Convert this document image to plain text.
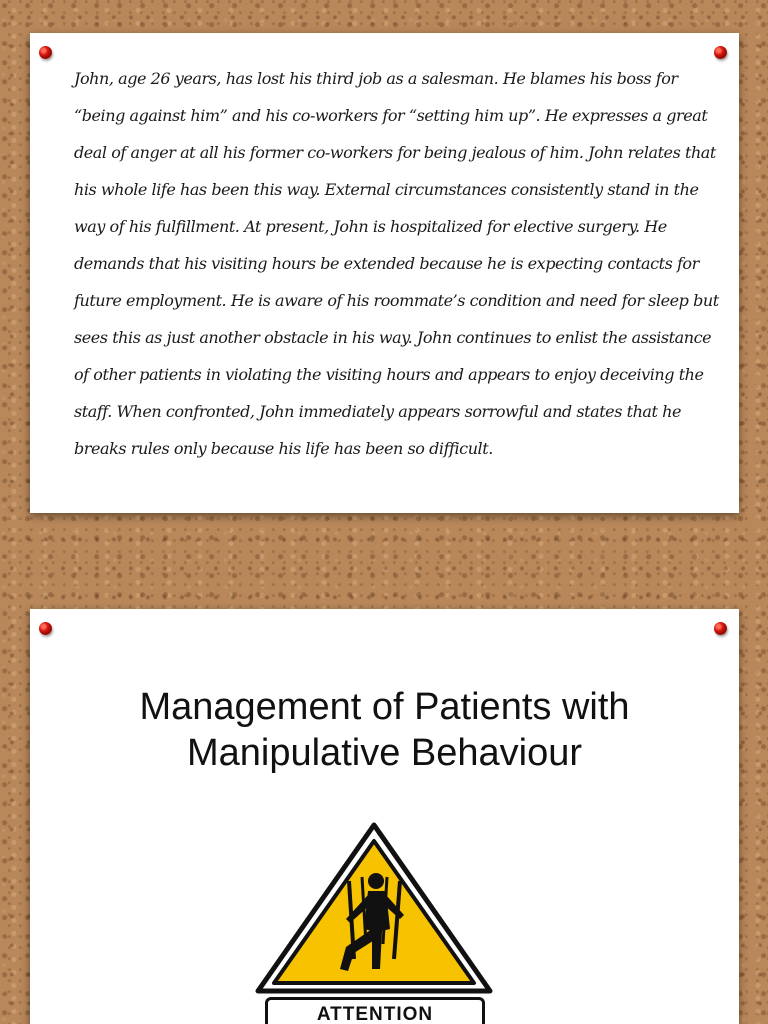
John, age 26 years, has lost his third job as a salesman. He blames his boss for “being against him” and his co-workers for “setting him up”. He expresses a great deal of anger at all his former co-workers for being jealous of him. John relates that his whole life has been this way. External circumstances consistently stand in the way of his fulfillment. At present, John is hospitalized for elective surgery. He demands that his visiting hours be extended because he is expecting contacts for future employment. He is aware of his roommate’s condition and need for sleep but sees this as just another obstacle in his way. John continues to enlist the assistance of other patients in violating the visiting hours and appears to enjoy deceiving the staff. When confronted, John immediately appears sorrowful and states that he breaks rules only because his life has been so difficult.

Management of Patients with
Manipulative Behaviour
ATTENTION
